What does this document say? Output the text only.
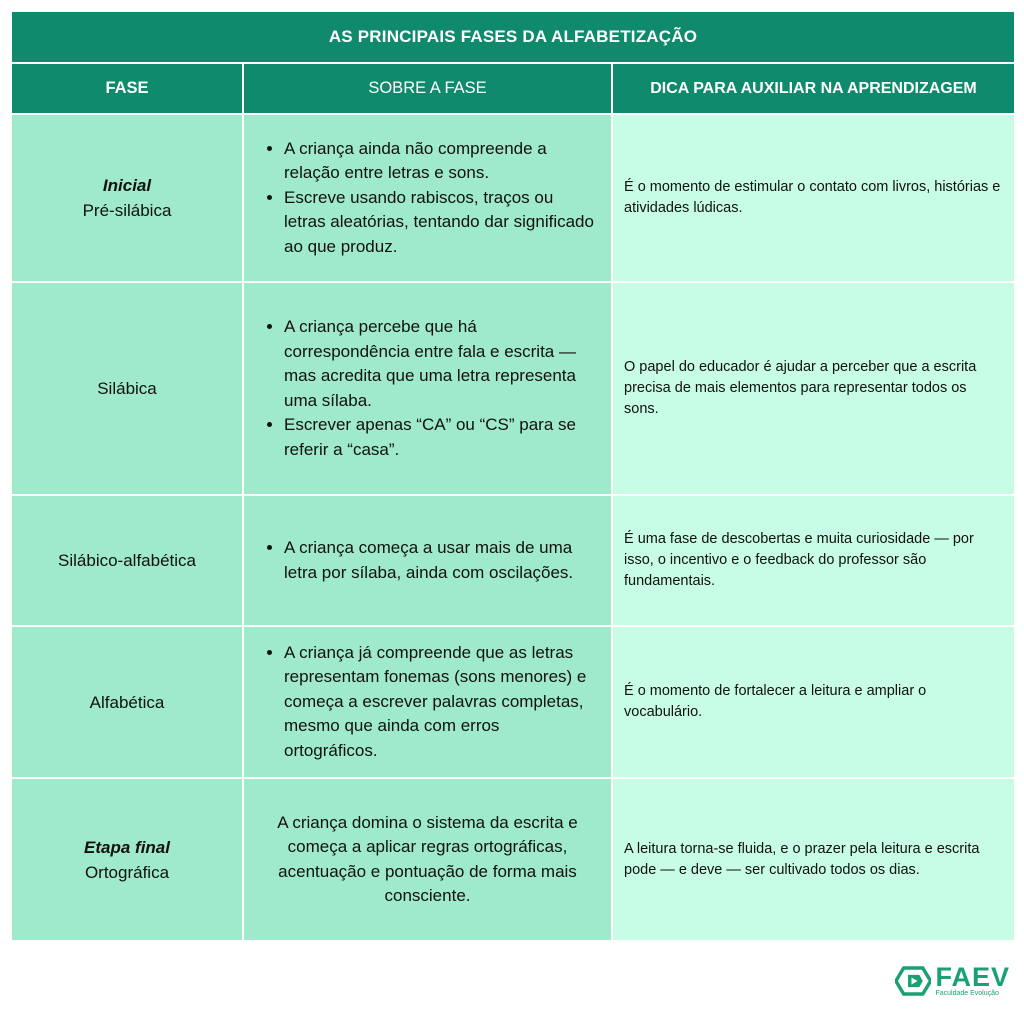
AS PRINCIPAIS FASES DA ALFABETIZAÇÃO
FASE	SOBRE A FASE	DICA PARA AUXILIAR NA APRENDIZAGEM
Inicial
Pré-silábica
• A criança ainda não compreende a relação entre letras e sons.
• Escreve usando rabiscos, traços ou letras aleatórias, tentando dar significado ao que produz.

É o momento de estimular o contato com livros, histórias e atividades lúdicas.

Silábica
• A criança percebe que há correspondência entre fala e escrita — mas acredita que uma letra representa uma sílaba.
• Escrever apenas “CA” ou “CS” para se referir a “casa”.

O papel do educador é ajudar a perceber que a escrita precisa de mais elementos para representar todos os sons.

Silábico-alfabética
• A criança começa a usar mais de uma letra por sílaba, ainda com oscilações.

É uma fase de descobertas e muita curiosidade — por isso, o incentivo e o feedback do professor são fundamentais.

Alfabética
• A criança já compreende que as letras representam fonemas (sons menores) e começa a escrever palavras completas, mesmo que ainda com erros ortográficos.

É o momento de fortalecer a leitura e ampliar o vocabulário.

Etapa final
Ortográfica
A criança domina o sistema da escrita e começa a aplicar regras ortográficas, acentuação e pontuação de forma mais consciente.

A leitura torna-se fluida, e o prazer pela leitura e escrita pode — e deve — ser cultivado todos os dias.

FAEV
Faculdade Evolução
